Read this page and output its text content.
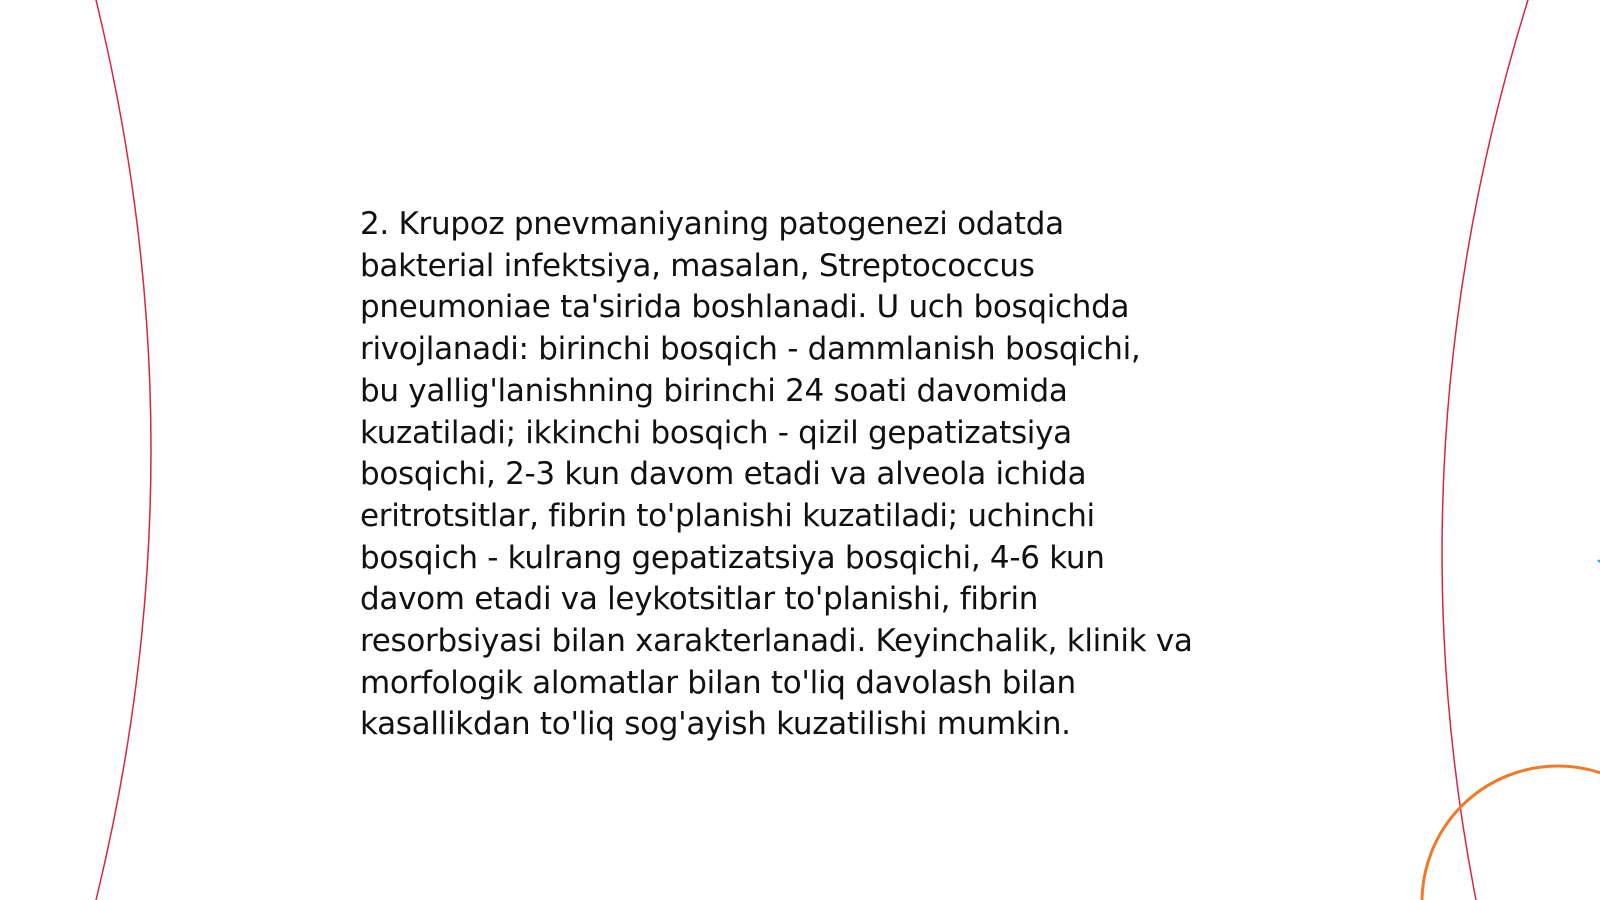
2. Krupoz pnevmaniyaning patogenezi odatda
bakterial infektsiya, masalan, Streptococcus
pneumoniae ta'sirida boshlanadi. U uch bosqichda
rivojlanadi: birinchi bosqich - dammlanish bosqichi,
bu yallig'lanishning birinchi 24 soati davomida
kuzatiladi; ikkinchi bosqich - qizil gepatizatsiya
bosqichi, 2-3 kun davom etadi va alveola ichida
eritrotsitlar, fibrin to'planishi kuzatiladi; uchinchi
bosqich - kulrang gepatizatsiya bosqichi, 4-6 kun
davom etadi va leykotsitlar to'planishi, fibrin
resorbsiyasi bilan xarakterlanadi. Keyinchalik, klinik va
morfologik alomatlar bilan to'liq davolash bilan
kasallikdan to'liq sog'ayish kuzatilishi mumkin.
